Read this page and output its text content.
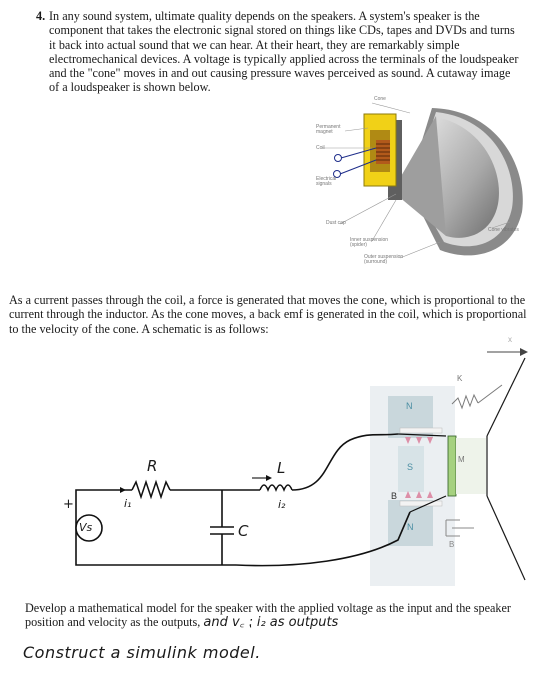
4. In any sound system, ultimate quality depends on the speakers. A system's speaker is the component that takes the electronic signal stored on things like CDs, tapes and DVDs and turns it back into actual sound that we can hear. At their heart, they are remarkably simple electromechanical devices. A voltage is typically applied across the terminals of the loudspeaker and the "cone" moves in and out causing pressure waves perceived as sound. A cutaway image of a loudspeaker is shown below.
Cone
Permanent magnet
Coil
Electrical signals
Dust cap
Inner suspension (spider)
Outer suspension (surround)
Cone vibrates
As a current passes through the coil, a force is generated that moves the cone, which is proportional to the current through the inductor. As the cone moves, a back emf is generated in the coil, which is proportional to the velocity of the cone. A schematic is as follows:
R
i₁
L
i₂
C
Vs
+
K
M
B
B
N
S
N
x
Develop a mathematical model for the speaker with the applied voltage as the input and the speaker position and velocity as the outputs, and v꜀ ⁏ i₂ as outputs
Construct a simulink model.
